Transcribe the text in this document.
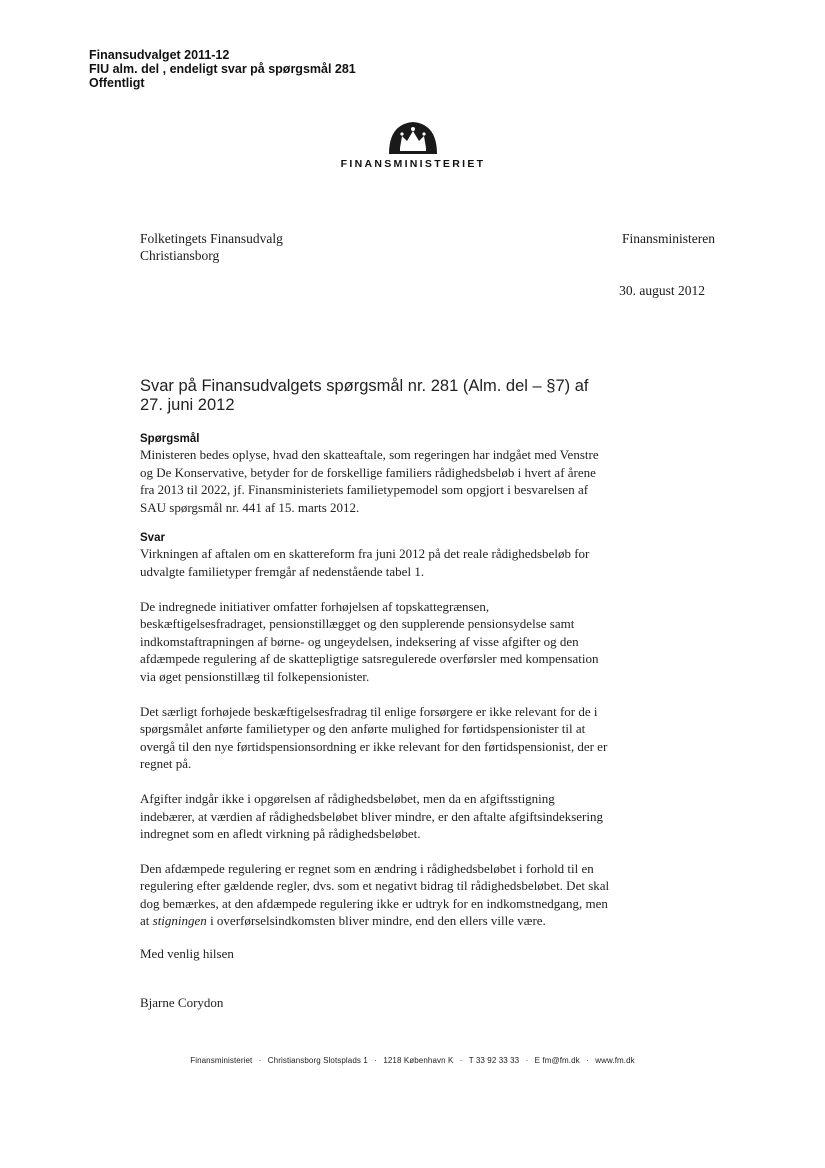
Finansudvalget 2011-12
FIU alm. del , endeligt svar på spørgsmål 281
Offentligt
FINANSMINISTERIET
Folketingets Finansudvalg
Christiansborg
Finansministeren
30. august 2012
Svar på Finansudvalgets spørgsmål nr. 281 (Alm. del – §7) af 27. juni 2012
Spørgsmål

Ministeren bedes oplyse, hvad den skatteaftale, som regeringen har indgået med Venstre og De Konservative, betyder for de forskellige familiers rådighedsbeløb i hvert af årene fra 2013 til 2022, jf. Finansministeriets familietypemodel som opgjort i besvarelsen af SAU spørgsmål nr. 441 af 15. marts 2012.

Svar

Virkningen af aftalen om en skattereform fra juni 2012 på det reale rådighedsbeløb for udvalgte familietyper fremgår af nedenstående tabel 1.

De indregnede initiativer omfatter forhøjelsen af topskattegrænsen, beskæftigelsesfradraget, pensionstillægget og den supplerende pensionsydelse samt indkomstaftrapningen af børne- og ungeydelsen, indeksering af visse afgifter og den afdæmpede regulering af de skattepligtige satsregulerede overførsler med kompensation via øget pensionstillæg til folkepensionister.

Det særligt forhøjede beskæftigelsesfradrag til enlige forsørgere er ikke relevant for de i spørgsmålet anførte familietyper og den anførte mulighed for førtidspensionister til at overgå til den nye førtidspensionsordning er ikke relevant for den førtidspensionist, der er regnet på.

Afgifter indgår ikke i opgørelsen af rådighedsbeløbet, men da en afgiftsstigning indebærer, at værdien af rådighedsbeløbet bliver mindre, er den aftalte afgiftsindeksering indregnet som en afledt virkning på rådighedsbeløbet.

Den afdæmpede regulering er regnet som en ændring i rådighedsbeløbet i forhold til en regulering efter gældende regler, dvs. som et negativt bidrag til rådighedsbeløbet. Det skal dog bemærkes, at den afdæmpede regulering ikke er udtryk for en indkomstnedgang, men at stigningen i overførselsindkomsten bliver mindre, end den ellers ville være.

Med venlig hilsen
Bjarne Corydon
Finansministeriet · Christiansborg Slotsplads 1 · 1218 København K · T 33 92 33 33 · E fm@fm.dk · www.fm.dk
